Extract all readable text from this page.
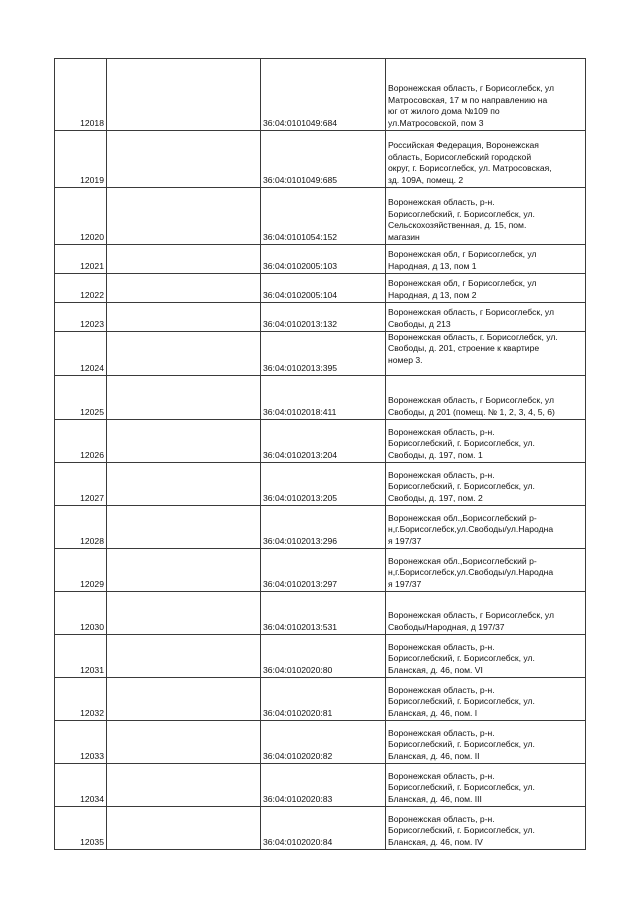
12018		36:04:0101049:684	Воронежская область, г Борисоглебск, ул
Матросовская, 17 м по направлению на
юг от жилого дома №109 по
ул.Матросовской, пом 3

12019		36:04:0101049:685	Российская Федерация, Воронежская
область, Борисоглебский городской
округ, г. Борисоглебск, ул. Матросовская,
зд. 109А, помещ. 2

12020		36:04:0101054:152	Воронежская область, р-н.
Борисоглебский, г. Борисоглебск, ул.
Сельскохозяйственная, д. 15, пом.
магазин

12021		36:04:0102005:103	Воронежская обл, г Борисоглебск, ул
Народная, д 13, пом 1

12022		36:04:0102005:104	Воронежская обл, г Борисоглебск, ул
Народная, д 13, пом 2

12023		36:04:0102013:132	Воронежская область, г Борисоглебск, ул
Свободы, д 213

12024		36:04:0102013:395	Воронежская область, г. Борисоглебск, ул.
Свободы, д. 201, строение к квартире
номер 3.

12025		36:04:0102018:411	Воронежская область, г Борисоглебск, ул
Свободы, д 201 (помещ. № 1, 2, 3, 4, 5, 6)

12026		36:04:0102013:204	Воронежская область, р-н.
Борисоглебский, г. Борисоглебск, ул.
Свободы, д. 197, пом. 1

12027		36:04:0102013:205	Воронежская область, р-н.
Борисоглебский, г. Борисоглебск, ул.
Свободы, д. 197, пом. 2

12028		36:04:0102013:296	Воронежская обл.,Борисоглебский р-
н,г.Борисоглебск,ул.Свободы/ул.Народна
я 197/37

12029		36:04:0102013:297	Воронежская обл.,Борисоглебский р-
н,г.Борисоглебск,ул.Свободы/ул.Народна
я 197/37

12030		36:04:0102013:531	Воронежская область, г Борисоглебск, ул
Свободы/Народная, д 197/37

12031		36:04:0102020:80	Воронежская область, р-н.
Борисоглебский, г. Борисоглебск, ул.
Бланская, д. 46, пом. VI

12032		36:04:0102020:81	Воронежская область, р-н.
Борисоглебский, г. Борисоглебск, ул.
Бланская, д. 46, пом. I

12033		36:04:0102020:82	Воронежская область, р-н.
Борисоглебский, г. Борисоглебск, ул.
Бланская, д. 46, пом. II

12034		36:04:0102020:83	Воронежская область, р-н.
Борисоглебский, г. Борисоглебск, ул.
Бланская, д. 46, пом. III

12035		36:04:0102020:84	Воронежская область, р-н.
Борисоглебский, г. Борисоглебск, ул.
Бланская, д. 46, пом. IV
